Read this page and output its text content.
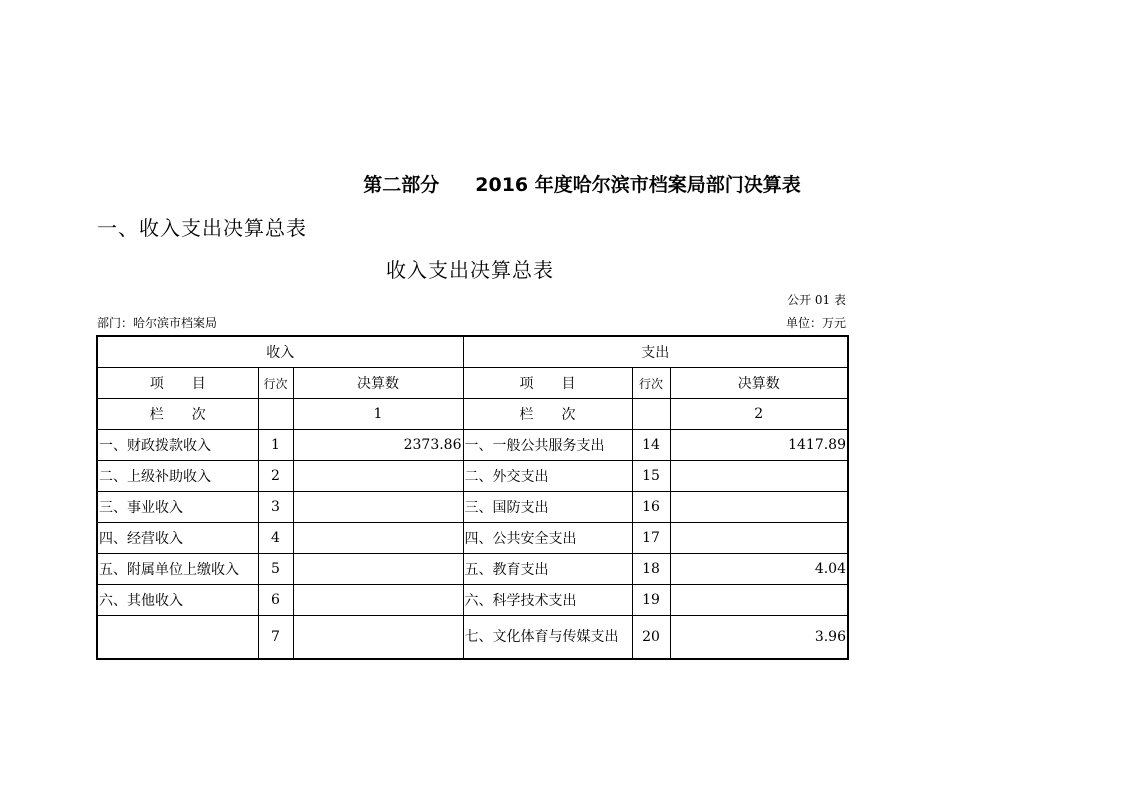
第二部分 2016 年度哈尔滨市档案局部门决算表
一、收入支出决算总表
收入支出决算总表
公开 01 表
部门：哈尔滨市档案局	单位：万元
收入			支出		
项　　目	行次	决算数	项　　目	行次	决算数
栏　　次		1	栏　　次		2
一、财政拨款收入	1	2373.86	一、一般公共服务支出	14	1417.89
二、上级补助收入	2		二、外交支出	15	
三、事业收入	3		三、国防支出	16	
四、经营收入	4		四、公共安全支出	17	
五、附属单位上缴收入	5		五、教育支出	18	4.04
六、其他收入	6		六、科学技术支出	19	
	7		七、文化体育与传媒支出	20	3.96
